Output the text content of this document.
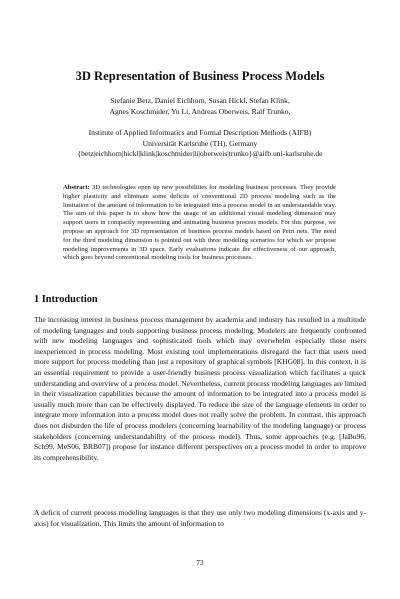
3D Representation of Business Process Models
Stefanie Betz, Daniel Eichhorn, Susan Hickl, Stefan Klink,
Agnes Koschmider, Yu Li, Andreas Oberweis, Ralf Trunko,
Institute of Applied Informatics and Formal Description Methods (AIFB)
Universität Karlsruhe (TH), Germany
{betz|eichhorn|hickl|klink|koschmider|li|oberweis|trunko}@aifb.uni-karlsruhe.de
Abstract: 3D technologies open up new possibilities for modeling business processes. They provide higher plasticity and eliminate some deficits of conventional 2D process modeling such as the limitation of the amount of information to be integrated into a process model in an understandable way. The aim of this paper is to show how the usage of an additional visual modeling dimension may support users in compactly representing and animating business process models. For this purpose, we propose an approach for 3D representation of business process models based on Petri nets. The need for the third modeling dimension is pointed out with three modeling scenarios for which we propose modeling improvements in 3D space. Early evaluations indicate the effectiveness of our approach, which goes beyond conventional modeling tools for business processes.
1 Introduction
The increasing interest in business process management by academia and industry has resulted in a multitude of modeling languages and tools supporting business process modeling. Modelers are frequently confronted with new modeling languages and sophisticated tools which may overwhelm especially those users inexperienced in process modeling. Most existing tool implementations disregard the fact that users need more support for process modeling than just a repository of graphical symbols [KHG08]. In this context, it is an essential requirement to provide a user-friendly business process visualization which facilitates a quick understanding and overview of a process model. Nevertheless, current process modeling languages are limited in their visualization capabilities because the amount of information to be integrated into a process model is usually much more than can be effectively displayed. To reduce the size of the language elements in order to integrate more information into a process model does not really solve the problem. In contrast, this approach does not disburden the life of process modelers (concerning learnability of the modeling language) or process stakeholders (concerning understandability of the process model). Thus, some approaches (e.g. [JaBu96, Sch99, MeS06, BRB07]) propose for instance different perspectives on a process model in order to improve its comprehensibility.
A deficit of current process modeling languages is that they use only two modeling dimensions (x-axis and y-axis) for visualization. This limits the amount of information to
73
